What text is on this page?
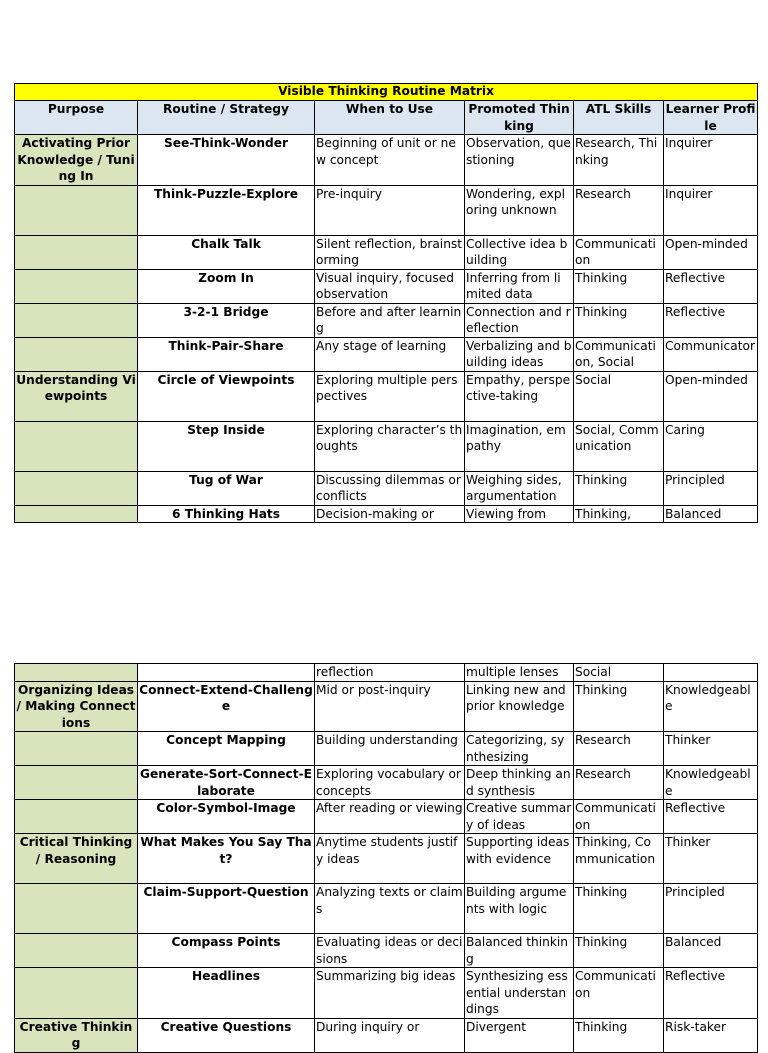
Visible Thinking Routine Matrix					
Purpose	Routine / Strategy	When to Use	Promoted Thinking	ATL Skills	Learner Profile
Activating Prior Knowledge / Tuning In	See-Think-Wonder	Beginning of unit or new concept	Observation, questioning	Research, Thinking	Inquirer
	Think-Puzzle-Explore	Pre-inquiry	Wondering, exploring unknown	Research	Inquirer
	Chalk Talk	Silent reflection, brainstorming	Collective idea building	Communication	Open-minded
	Zoom In	Visual inquiry, focused observation	Inferring from limited data	Thinking	Reflective
	3-2-1 Bridge	Before and after learning	Connection and reflection	Thinking	Reflective
	Think-Pair-Share	Any stage of learning	Verbalizing and building ideas	Communication, Social	Communicator
Understanding Viewpoints	Circle of Viewpoints	Exploring multiple perspectives	Empathy, perspective-taking	Social	Open-minded
	Step Inside	Exploring character’s thoughts	Imagination, empathy	Social, Communication	Caring
	Tug of War	Discussing dilemmas or conflicts	Weighing sides, argumentation	Thinking	Principled
	6 Thinking Hats	Decision-making or	Viewing from	Thinking,	Balanced
		reflection	multiple lenses	Social	
Organizing Ideas / Making Connections	Connect-Extend-Challenge	Mid or post-inquiry	Linking new and prior knowledge	Thinking	Knowledgeable
	Concept Mapping	Building understanding	Categorizing, synthesizing	Research	Thinker
	Generate-Sort-Connect-Elaborate	Exploring vocabulary or concepts	Deep thinking and synthesis	Research	Knowledgeable
	Color-Symbol-Image	After reading or viewing	Creative summary of ideas	Communication	Reflective
Critical Thinking / Reasoning	What Makes You Say That?	Anytime students justify ideas	Supporting ideas with evidence	Thinking, Communication	Thinker
	Claim-Support-Question	Analyzing texts or claims	Building arguments with logic	Thinking	Principled
	Compass Points	Evaluating ideas or decisions	Balanced thinking	Thinking	Balanced
	Headlines	Summarizing big ideas	Synthesizing essential understandings	Communication	Reflective
Creative Thinking	Creative Questions	During inquiry or	Divergent	Thinking	Risk-taker
